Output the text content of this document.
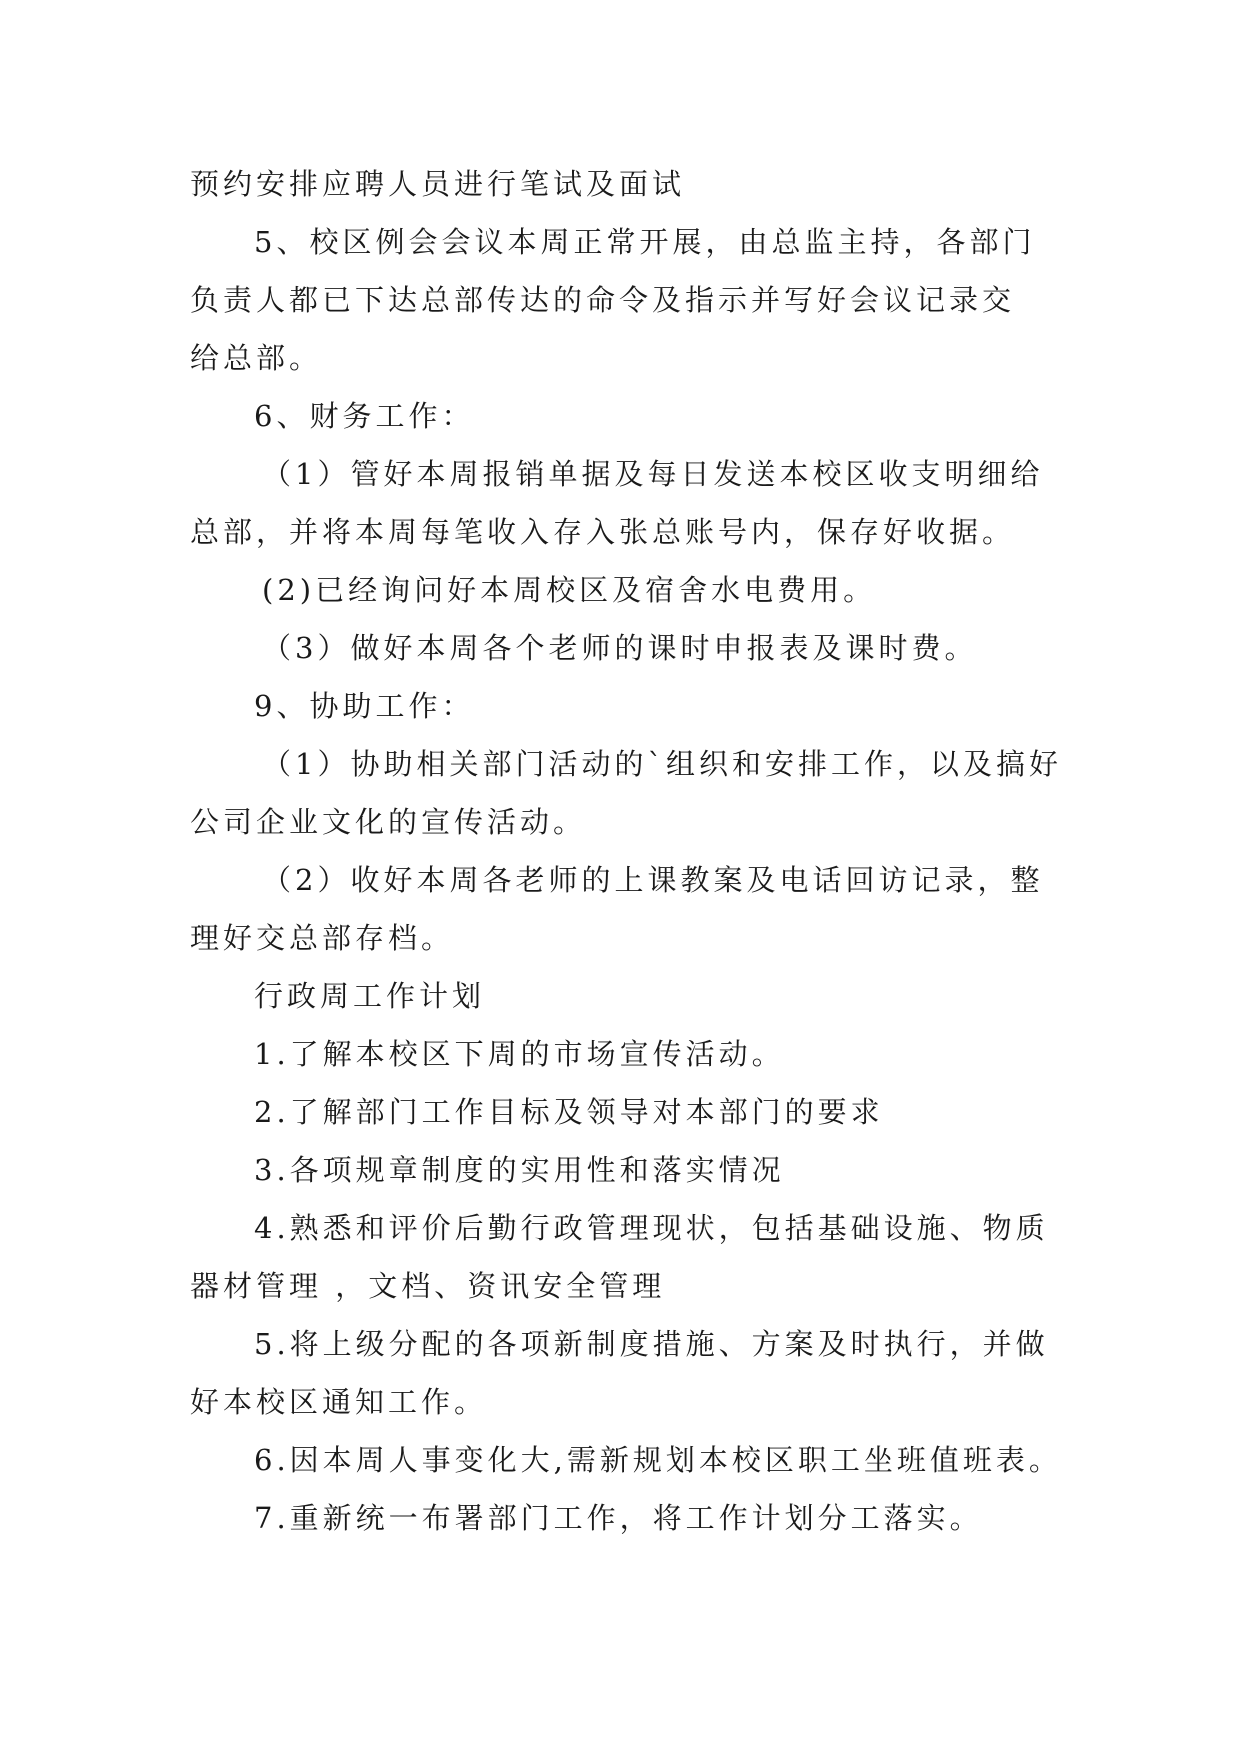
预约安排应聘人员进行笔试及面试
5、校区例会会议本周正常开展，由总监主持，各部门
负责人都已下达总部传达的命令及指示并写好会议记录交
给总部。
6、财务工作：
（1）管好本周报销单据及每日发送本校区收支明细给
总部，并将本周每笔收入存入张总账号内，保存好收据。
(2)已经询问好本周校区及宿舍水电费用。
（3）做好本周各个老师的课时申报表及课时费。
9、协助工作：
（1）协助相关部门活动的`组织和安排工作，以及搞好
公司企业文化的宣传活动。
（2）收好本周各老师的上课教案及电话回访记录，整
理好交总部存档。
行政周工作计划
1.了解本校区下周的市场宣传活动。
2.了解部门工作目标及领导对本部门的要求
3.各项规章制度的实用性和落实情况
4.熟悉和评价后勤行政管理现状，包括基础设施、物质
器材管理 ，文档、资讯安全管理
5.将上级分配的各项新制度措施、方案及时执行，并做
好本校区通知工作。
6.因本周人事变化大,需新规划本校区职工坐班值班表。
7.重新统一布署部门工作，将工作计划分工落实。
